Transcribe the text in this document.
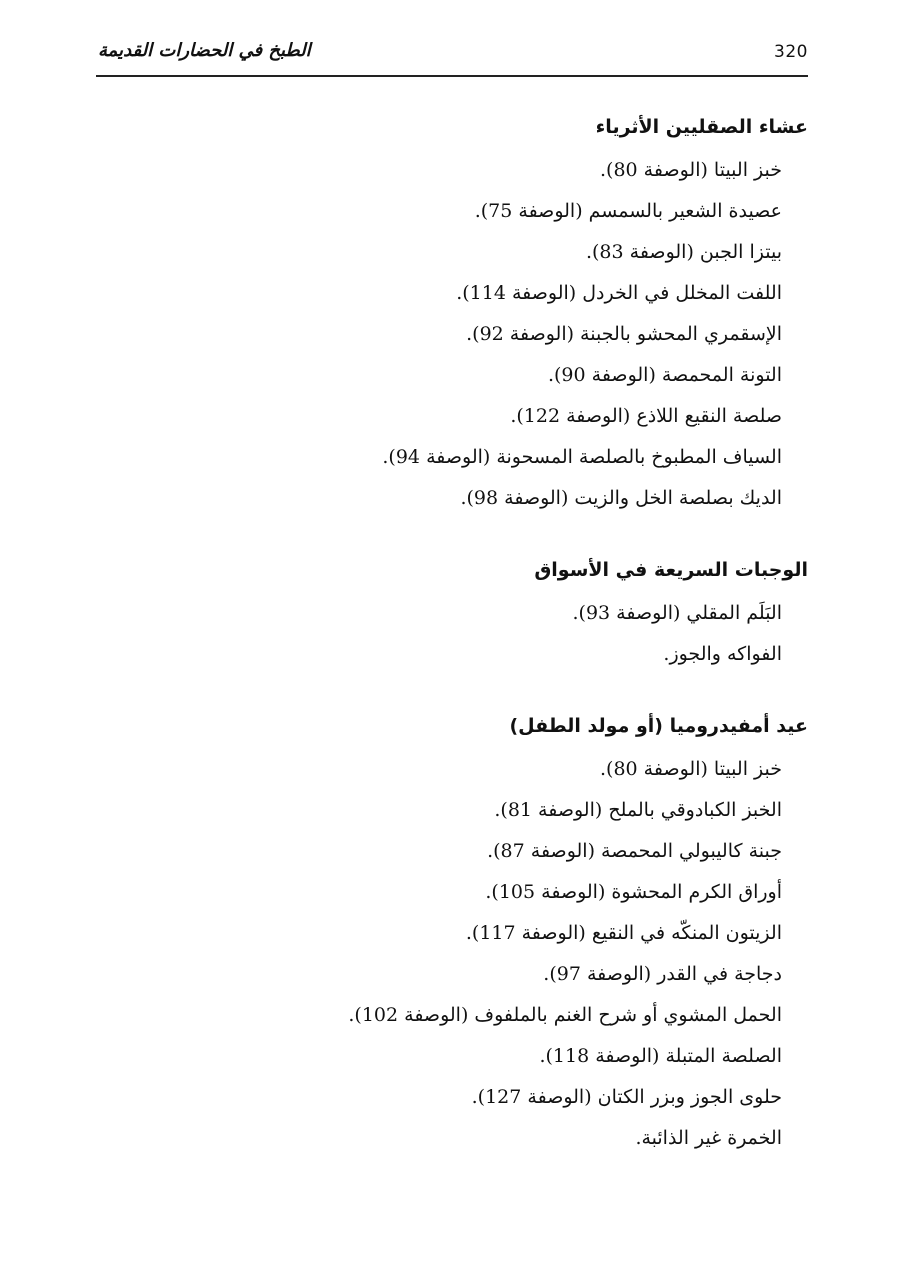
320
الطبخ في الحضارات القديمة
عشاء الصقليين الأثرياء
خبز البيتا (الوصفة 80).
عصيدة الشعير بالسمسم (الوصفة 75).
بيتزا الجبن (الوصفة 83).
اللفت المخلل في الخردل (الوصفة 114).
الإسقمري المحشو بالجبنة (الوصفة 92).
التونة المحمصة (الوصفة 90).
صلصة النقيع اللاذع (الوصفة 122).
السياف المطبوخ بالصلصة المسحونة (الوصفة 94).
الديك بصلصة الخل والزيت (الوصفة 98).
الوجبات السريعة في الأسواق
البَلَم المقلي (الوصفة 93).
الفواكه والجوز.
عيد أمفيدروميا (أو مولد الطفل)
خبز البيتا (الوصفة 80).
الخبز الكبادوقي بالملح (الوصفة 81).
جبنة كاليبولي المحمصة (الوصفة 87).
أوراق الكرم المحشوة (الوصفة 105).
الزيتون المنكّه في النقيع (الوصفة 117).
دجاجة في القدر (الوصفة 97).
الحمل المشوي أو شرح الغنم بالملفوف (الوصفة 102).
الصلصة المتبلة (الوصفة 118).
حلوى الجوز وبزر الكتان (الوصفة 127).
الخمرة غير الذائبة.
